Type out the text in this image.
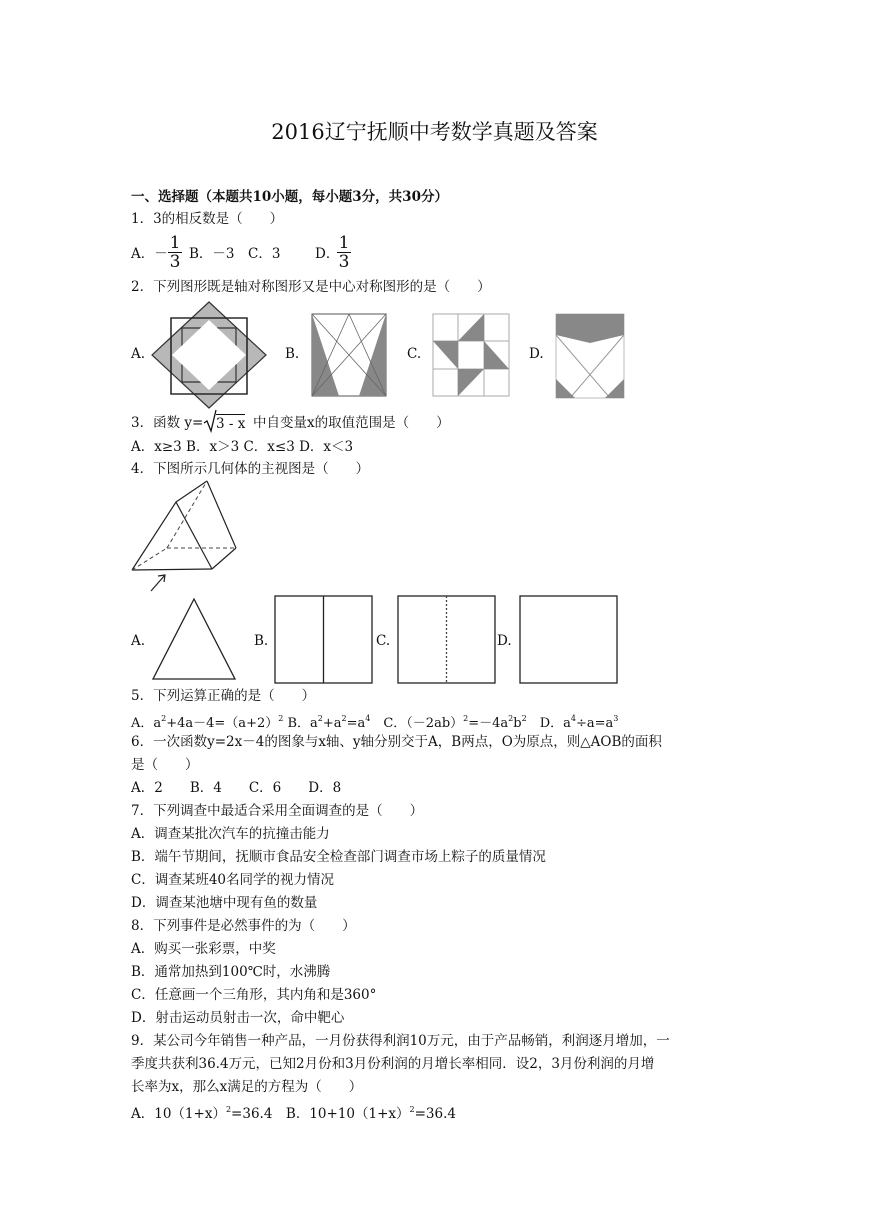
2016辽宁抚顺中考数学真题及答案
一、选择题（本题共10小题，每小题3分，共30分）
1．3的相反数是（　　）
A．－
1
3 B．－3　C．3	D．
1
3
2．下列图形既是轴对称图形又是中心对称图形的是（　　）
A.	B.	C.	D.
3．函数 y= 3 - x 中自变量x的取值范围是（　　）
A．x≥3 B．x＞3 C．x≤3 D．x＜3
4．下图所示几何体的主视图是（　　）
A.	B.	C.	D.
5．下列运算正确的是（　　）
A．$a^2+4a-4=(a+2)^2$ B．$a^2+a^2=a^4$　C．$(-2ab)^2=-4a^2b^2$　D．$a^4\div a=a^3$
6．一次函数y=2x－4的图象与x轴、y轴分别交于A，B两点，O为原点，则△AOB的面积
是（　　）
A．2　　B．4　　C．6　　D．8
7．下列调查中最适合采用全面调查的是（　　）
A．调查某批次汽车的抗撞击能力
B．端午节期间，抚顺市食品安全检查部门调查市场上粽子的质量情况
C．调查某班40名同学的视力情况
D．调查某池塘中现有鱼的数量
8．下列事件是必然事件的为（　　）
A．购买一张彩票，中奖
B．通常加热到100℃时，水沸腾
C．任意画一个三角形，其内角和是360°
D．射击运动员射击一次，命中靶心
9．某公司今年销售一种产品，一月份获得利润10万元，由于产品畅销，利润逐月增加，一
季度共获利36.4万元，已知2月份和3月份利润的月增长率相同．设2，3月份利润的月增
长率为x，那么x满足的方程为（　　）
A．$10(1+x)^2=36.4$　B．$10+10(1+x)^2=36.4$
